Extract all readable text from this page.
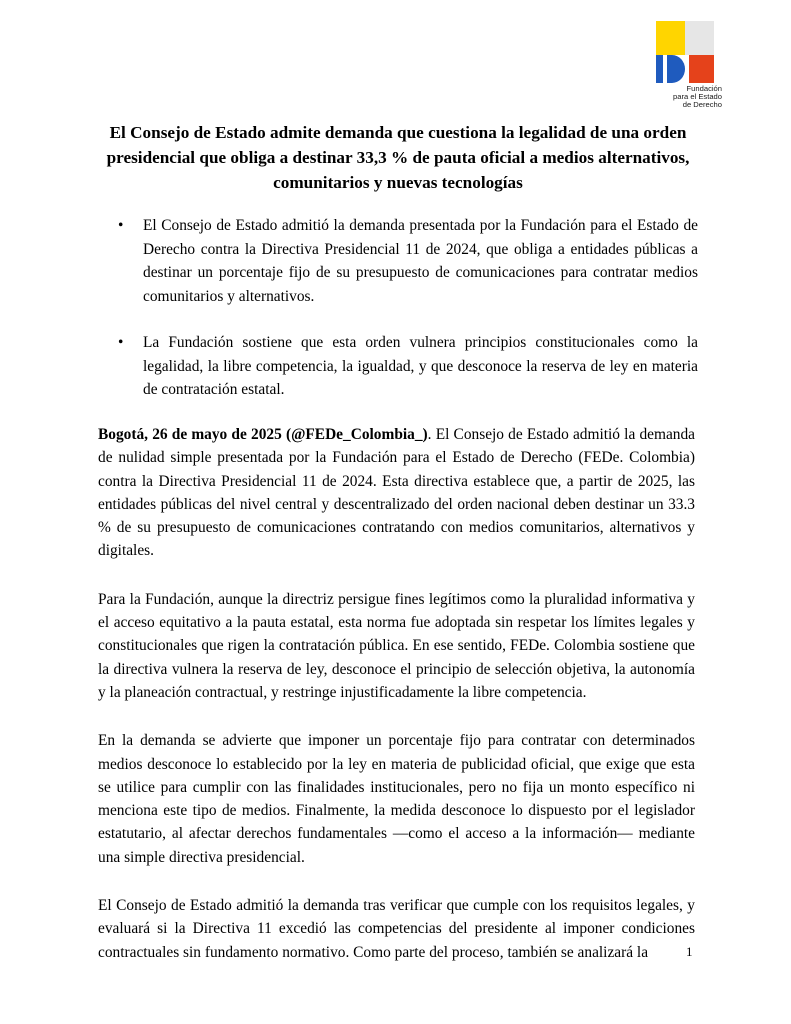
Fundación
para el Estado
de Derecho
El Consejo de Estado admite demanda que cuestiona la legalidad de una orden presidencial que obliga a destinar 33,3 % de pauta oficial a medios alternativos, comunitarios y nuevas tecnologías
• El Consejo de Estado admitió la demanda presentada por la Fundación para el Estado de Derecho contra la Directiva Presidencial 11 de 2024, que obliga a entidades públicas a destinar un porcentaje fijo de su presupuesto de comunicaciones para contratar medios comunitarios y alternativos.
• La Fundación sostiene que esta orden vulnera principios constitucionales como la legalidad, la libre competencia, la igualdad, y que desconoce la reserva de ley en materia de contratación estatal.

Bogotá, 26 de mayo de 2025 (@FEDe_Colombia_). El Consejo de Estado admitió la demanda de nulidad simple presentada por la Fundación para el Estado de Derecho (FEDe. Colombia) contra la Directiva Presidencial 11 de 2024. Esta directiva establece que, a partir de 2025, las entidades públicas del nivel central y descentralizado del orden nacional deben destinar un 33.3 % de su presupuesto de comunicaciones contratando con medios comunitarios, alternativos y digitales.

Para la Fundación, aunque la directriz persigue fines legítimos como la pluralidad informativa y el acceso equitativo a la pauta estatal, esta norma fue adoptada sin respetar los límites legales y constitucionales que rigen la contratación pública. En ese sentido, FEDe. Colombia sostiene que la directiva vulnera la reserva de ley, desconoce el principio de selección objetiva, la autonomía y la planeación contractual, y restringe injustificadamente la libre competencia.

En la demanda se advierte que imponer un porcentaje fijo para contratar con determinados medios desconoce lo establecido por la ley en materia de publicidad oficial, que exige que esta se utilice para cumplir con las finalidades institucionales, pero no fija un monto específico ni menciona este tipo de medios. Finalmente, la medida desconoce lo dispuesto por el legislador estatutario, al afectar derechos fundamentales —como el acceso a la información— mediante una simple directiva presidencial.

El Consejo de Estado admitió la demanda tras verificar que cumple con los requisitos legales, y evaluará si la Directiva 11 excedió las competencias del presidente al imponer condiciones contractuales sin fundamento normativo. Como parte del proceso, también se analizará la	1
